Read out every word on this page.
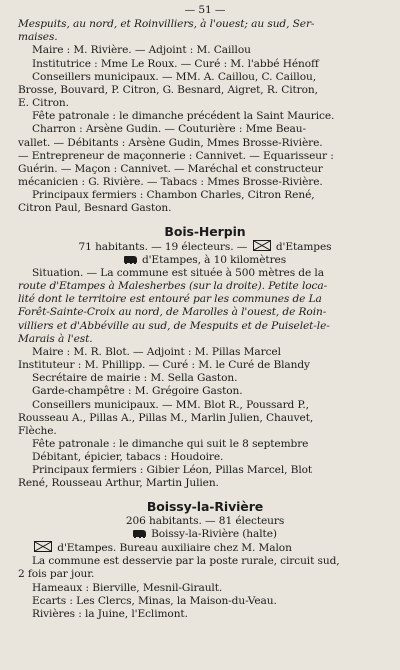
— 51 —
Mespuits, au nord, et Roinvilliers, à l'ouest; au sud, Ser-
maises.
Maire : M. Rivière. — Adjoint : M. Caillou
Institutrice : Mme Le Roux. — Curé : M. l'abbé Hénoff
Conseillers municipaux. — MM. A. Caillou, C. Caillou,
Brosse, Bouvard, P. Citron, G. Besnard, Aigret, R. Citron,
E. Citron.
Fête patronale : le dimanche précédent la Saint Maurice.
Charron : Arsène Gudin. — Couturière : Mme Beau-
vallet. — Débitants : Arsène Gudin, Mmes Brosse-Rivière.
— Entrepreneur de maçonnerie : Cannivet. — Equarisseur :
Guérin. — Maçon : Cannivet. — Maréchal et constructeur
mécanicien : G. Rivière. — Tabacs : Mmes Brosse-Rivière.
Principaux fermiers : Chambon Charles, Citron René,
Citron Paul, Besnard Gaston.
Bois-Herpin
71 habitants. — 19 électeurs. —	d'Etampes
d'Etampes, à 10 kilomètres
Situation. — La commune est située à 500 mètres de la
route d'Etampes à Malesherbes (sur la droite). Petite loca-
lité dont le territoire est entouré par les communes de La
Forêt-Sainte-Croix au nord, de Marolles à l'ouest, de Roin-
villiers et d'Abbéville au sud, de Mespuits et de Puiselet-le-
Marais à l'est.
Maire : M. R. Blot. — Adjoint : M. Pillas Marcel
Instituteur : M. Phillipp. — Curé : M. le Curé de Blandy
Secrétaire de mairie : M. Sella Gaston.
Garde-champêtre : M. Grégoire Gaston.
Conseillers municipaux. — MM. Blot R., Poussard P.,
Rousseau A., Pillas A., Pillas M., Marlin Julien, Chauvet,
Flèche.
Fête patronale : le dimanche qui suit le 8 septembre
Débitant, épicier, tabacs : Houdoire.
Principaux fermiers : Gibier Léon, Pillas Marcel, Blot
René, Rousseau Arthur, Martin Julien.
Boissy-la-Rivière
206 habitants. — 81 électeurs
Boissy-la-Rivière (halte)
d'Etampes. Bureau auxiliaire chez M. Malon
La commune est desservie par la poste rurale, circuit sud,
2 fois par jour.
Hameaux : Bierville, Mesnil-Girault.
Ecarts : Les Clercs, Minas, la Maison-du-Veau.
Rivières : la Juine, l'Eclimont.
